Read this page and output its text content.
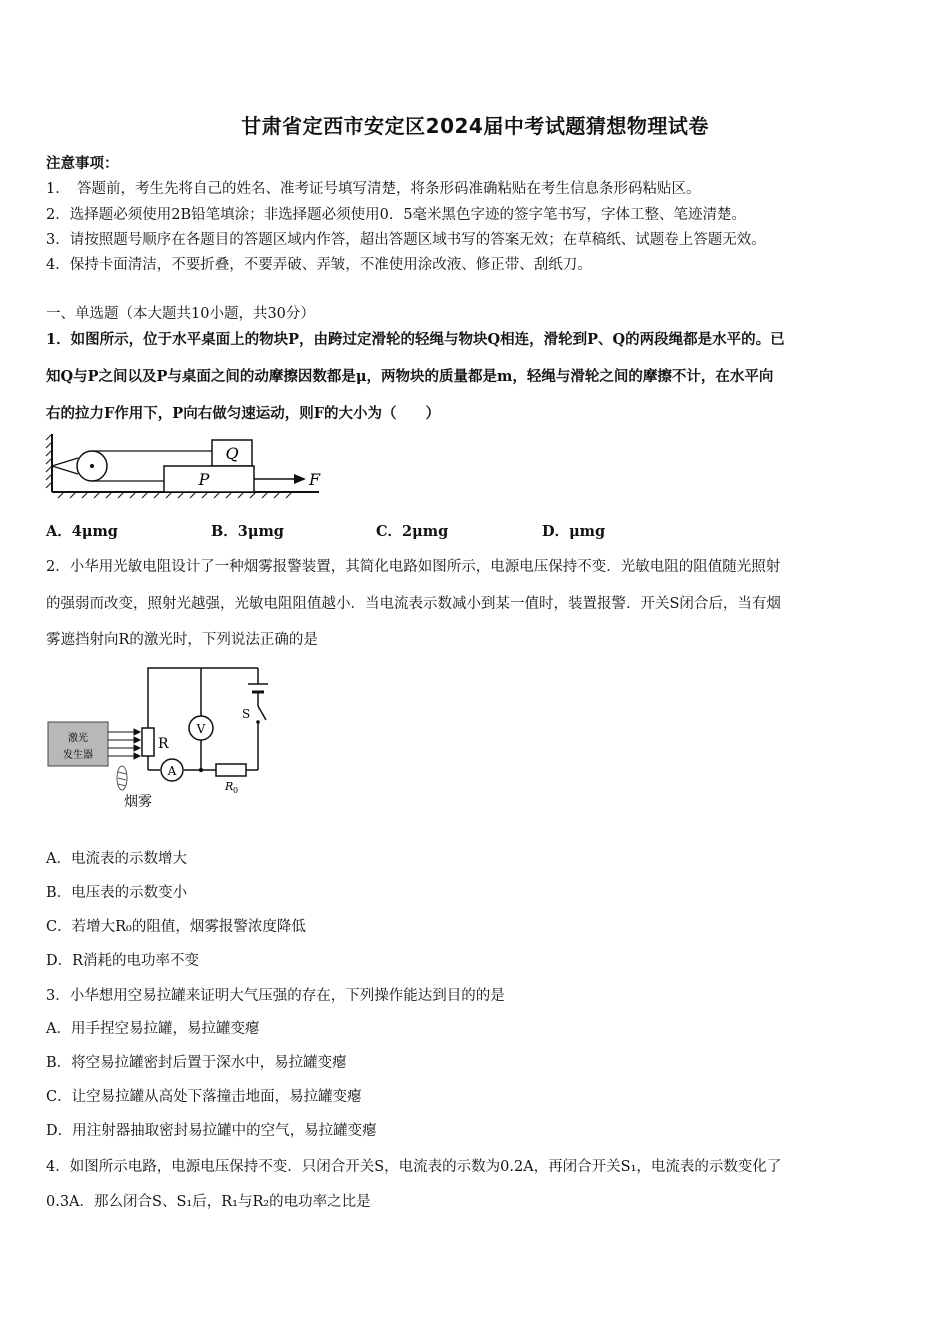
甘肃省定西市安定区2024届中考试题猜想物理试卷
注意事项：
1．　答题前，考生先将自己的姓名、准考证号填写清楚，将条形码准确粘贴在考生信息条形码粘贴区。
2．选择题必须使用2B铅笔填涂；非选择题必须使用0．5毫米黑色字迹的签字笔书写，字体工整、笔迹清楚。
3．请按照题号顺序在各题目的答题区域内作答，超出答题区域书写的答案无效；在草稿纸、试题卷上答题无效。
4．保持卡面清洁，不要折叠，不要弄破、弄皱，不准使用涂改液、修正带、刮纸刀。
一、单选题（本大题共10小题，共30分）
1．如图所示，位于水平桌面上的物块P，由跨过定滑轮的轻绳与物块Q相连，滑轮到P、Q的两段绳都是水平的。已
知Q与P之间以及P与桌面之间的动摩擦因数都是μ，两物块的质量都是m，轻绳与滑轮之间的摩擦不计，在水平向
右的拉力F作用下，P向右做匀速运动，则F的大小为（　　）
Q
P	F
A．4μmg	B．3μmg	C．2μmg	D．μmg
2．小华用光敏电阻设计了一种烟雾报警装置，其简化电路如图所示，电源电压保持不变．光敏电阻的阻值随光照射
的强弱而改变，照射光越强，光敏电阻阻值越小．当电流表示数减小到某一值时，装置报警．开关S闭合后，当有烟
雾遮挡射向R的激光时，下列说法正确的是
激光
发生器
R
V
A
R 0
S
烟雾
A．电流表的示数增大
B．电压表的示数变小
C．若增大R₀的阻值，烟雾报警浓度降低
D．R消耗的电功率不变
3．小华想用空易拉罐来证明大气压强的存在，下列操作能达到目的的是
A．用手捏空易拉罐，易拉罐变瘪
B．将空易拉罐密封后置于深水中，易拉罐变瘪
C．让空易拉罐从高处下落撞击地面，易拉罐变瘪
D．用注射器抽取密封易拉罐中的空气，易拉罐变瘪
4．如图所示电路，电源电压保持不变．只闭合开关S，电流表的示数为0.2A，再闭合开关S₁，电流表的示数变化了
0.3A．那么闭合S、S₁后，R₁与R₂的电功率之比是
